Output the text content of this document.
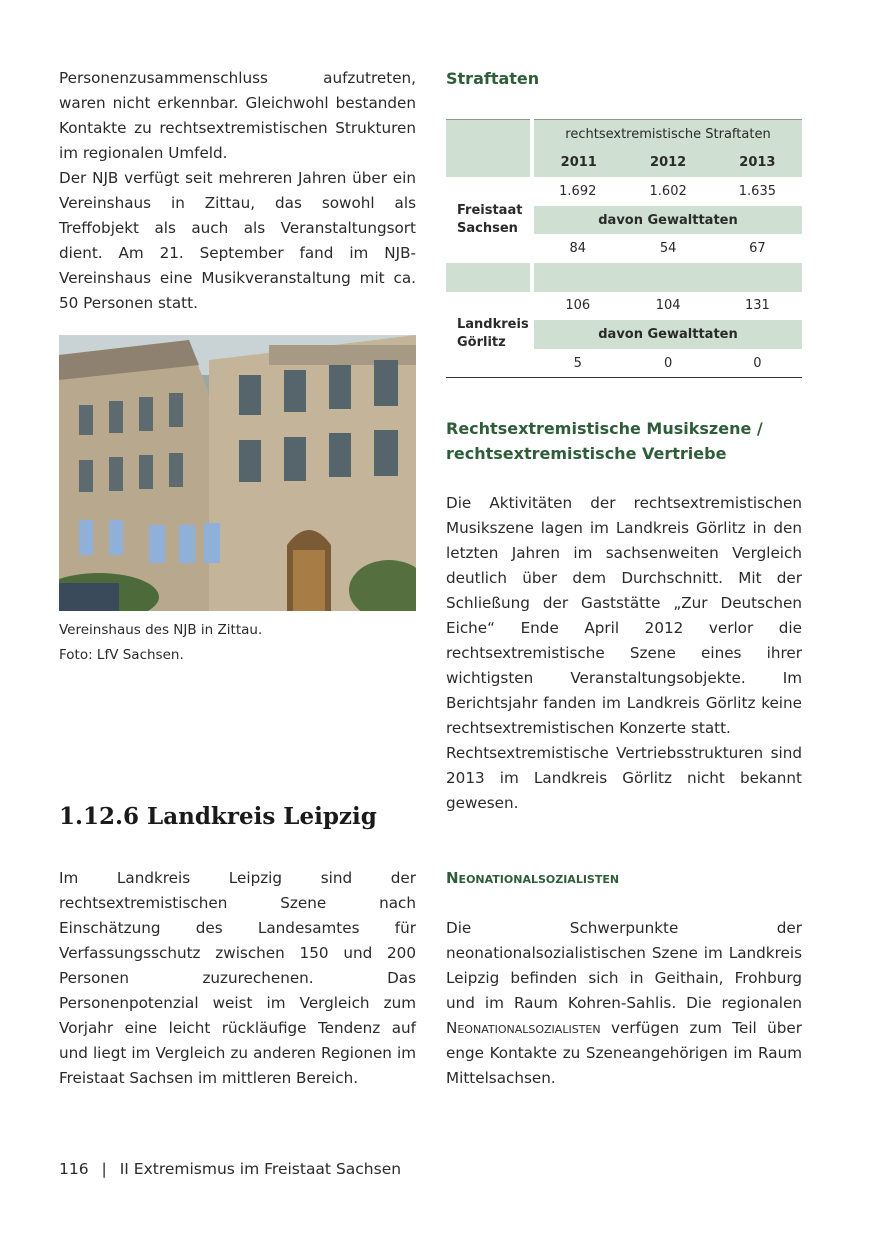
Personenzusammenschluss aufzutreten, waren nicht erkennbar. Gleichwohl bestanden Kontakte zu rechtsextremistischen Strukturen im regionalen Umfeld.

Der NJB verfügt seit mehreren Jahren über ein Vereinshaus in Zittau, das sowohl als Treffobjekt als auch als Veranstaltungsort dient. Am 21. September fand im NJB-Vereinshaus eine Musikveranstaltung mit ca. 50 Personen statt.

Vereinshaus des NJB in Zittau.
Foto: LfV Sachsen.
Straftaten
	rechtsextremistische Straftaten		
	2011	2012	2013
Freistaat Sachsen	1.692	1.602	1.635
	davon Gewalttaten		
	84	54	67

Landkreis Görlitz	106	104	131
	davon Gewalttaten		
	5	0	0
Rechtsextremistische Musikszene /
rechtsextremistische Vertriebe

Die Aktivitäten der rechtsextremistischen Musikszene lagen im Landkreis Görlitz in den letzten Jahren im sachsenweiten Vergleich deutlich über dem Durchschnitt. Mit der Schließung der Gaststätte „Zur Deutschen Eiche“ Ende April 2012 verlor die rechtsextremistische Szene eines ihrer wichtigsten Veranstaltungsobjekte. Im Berichtsjahr fanden im Landkreis Görlitz keine rechtsextremistischen Konzerte statt.

Rechtsextremistische Vertriebsstrukturen sind 2013 im Landkreis Görlitz nicht bekannt gewesen.

1.12.6 Landkreis Leipzig

Im Landkreis Leipzig sind der rechtsextremistischen Szene nach Einschätzung des Landesamtes für Verfassungsschutz zwischen 150 und 200 Personen zuzurechenen. Das Personenpotenzial weist im Vergleich zum Vorjahr eine leicht rückläufige Tendenz auf und liegt im Vergleich zu anderen Regionen im Freistaat Sachsen im mittleren Bereich.

Neonationalsozialisten

Die Schwerpunkte der neonationalsozialistischen Szene im Landkreis Leipzig befinden sich in Geithain, Frohburg und im Raum Kohren-Sahlis. Die regionalen Neonationalsozialisten verfügen zum Teil über enge Kontakte zu Szeneangehörigen im Raum Mittelsachsen.

116 | II Extremismus im Freistaat Sachsen
